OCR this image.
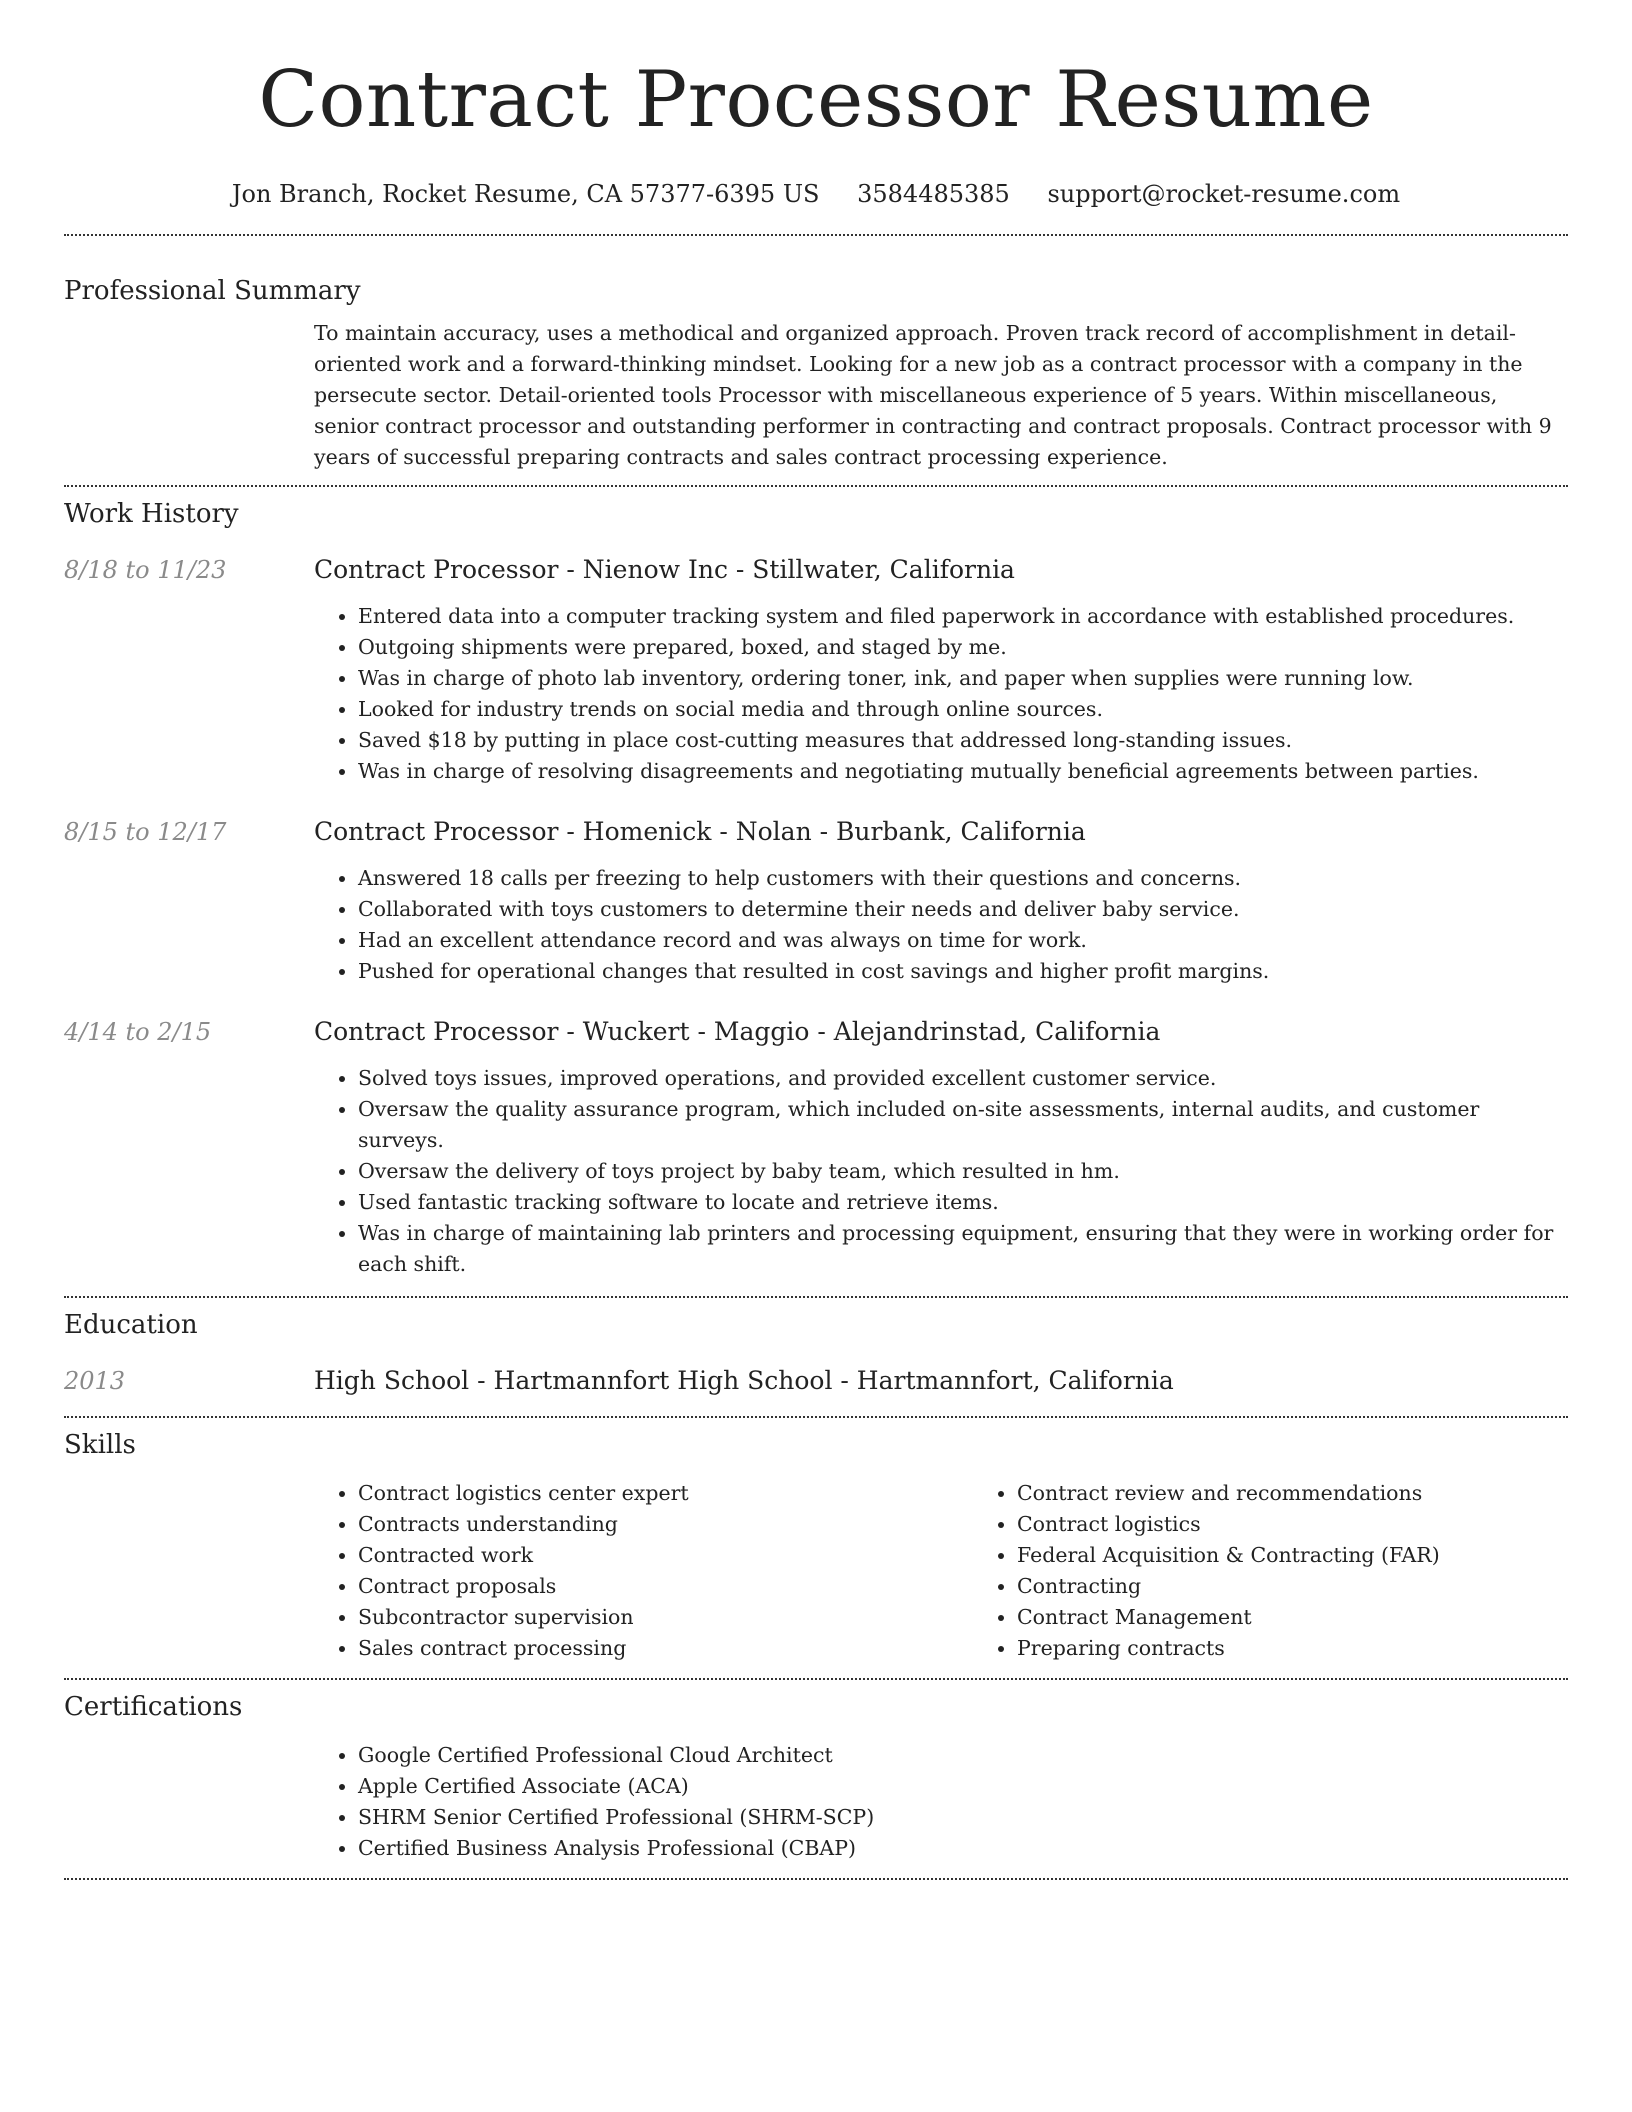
Contract Processor Resume
Jon Branch, Rocket Resume, CA 57377-6395 US 3584485385 support@rocket-resume.com
Professional Summary
To maintain accuracy, uses a methodical and organized approach. Proven track record of accomplishment in detail-oriented work and a forward-thinking mindset. Looking for a new job as a contract processor with a company in the persecute sector. Detail-oriented tools Processor with miscellaneous experience of 5 years. Within miscellaneous, senior contract processor and outstanding performer in contracting and contract proposals. Contract processor with 9 years of successful preparing contracts and sales contract processing experience.
Work History
8/18 to 11/23	Contract Processor - Nienow Inc - Stillwater, California
• Entered data into a computer tracking system and filed paperwork in accordance with established procedures.
• Outgoing shipments were prepared, boxed, and staged by me.
• Was in charge of photo lab inventory, ordering toner, ink, and paper when supplies were running low.
• Looked for industry trends on social media and through online sources.
• Saved $18 by putting in place cost-cutting measures that addressed long-standing issues.
• Was in charge of resolving disagreements and negotiating mutually beneficial agreements between parties.
8/15 to 12/17	Contract Processor - Homenick - Nolan - Burbank, California
• Answered 18 calls per freezing to help customers with their questions and concerns.
• Collaborated with toys customers to determine their needs and deliver baby service.
• Had an excellent attendance record and was always on time for work.
• Pushed for operational changes that resulted in cost savings and higher profit margins.
4/14 to 2/15	Contract Processor - Wuckert - Maggio - Alejandrinstad, California
• Solved toys issues, improved operations, and provided excellent customer service.
• Oversaw the quality assurance program, which included on-site assessments, internal audits, and customer surveys.
• Oversaw the delivery of toys project by baby team, which resulted in hm.
• Used fantastic tracking software to locate and retrieve items.
• Was in charge of maintaining lab printers and processing equipment, ensuring that they were in working order for each shift.
Education
2013	High School - Hartmannfort High School - Hartmannfort, California
Skills
• Contract logistics center expert
• Contracts understanding
• Contracted work
• Contract proposals
• Subcontractor supervision
• Sales contract processing
• Contract review and recommendations
• Contract logistics
• Federal Acquisition & Contracting (FAR)
• Contracting
• Contract Management
• Preparing contracts
Certifications
• Google Certified Professional Cloud Architect
• Apple Certified Associate (ACA)
• SHRM Senior Certified Professional (SHRM-SCP)
• Certified Business Analysis Professional (CBAP)
